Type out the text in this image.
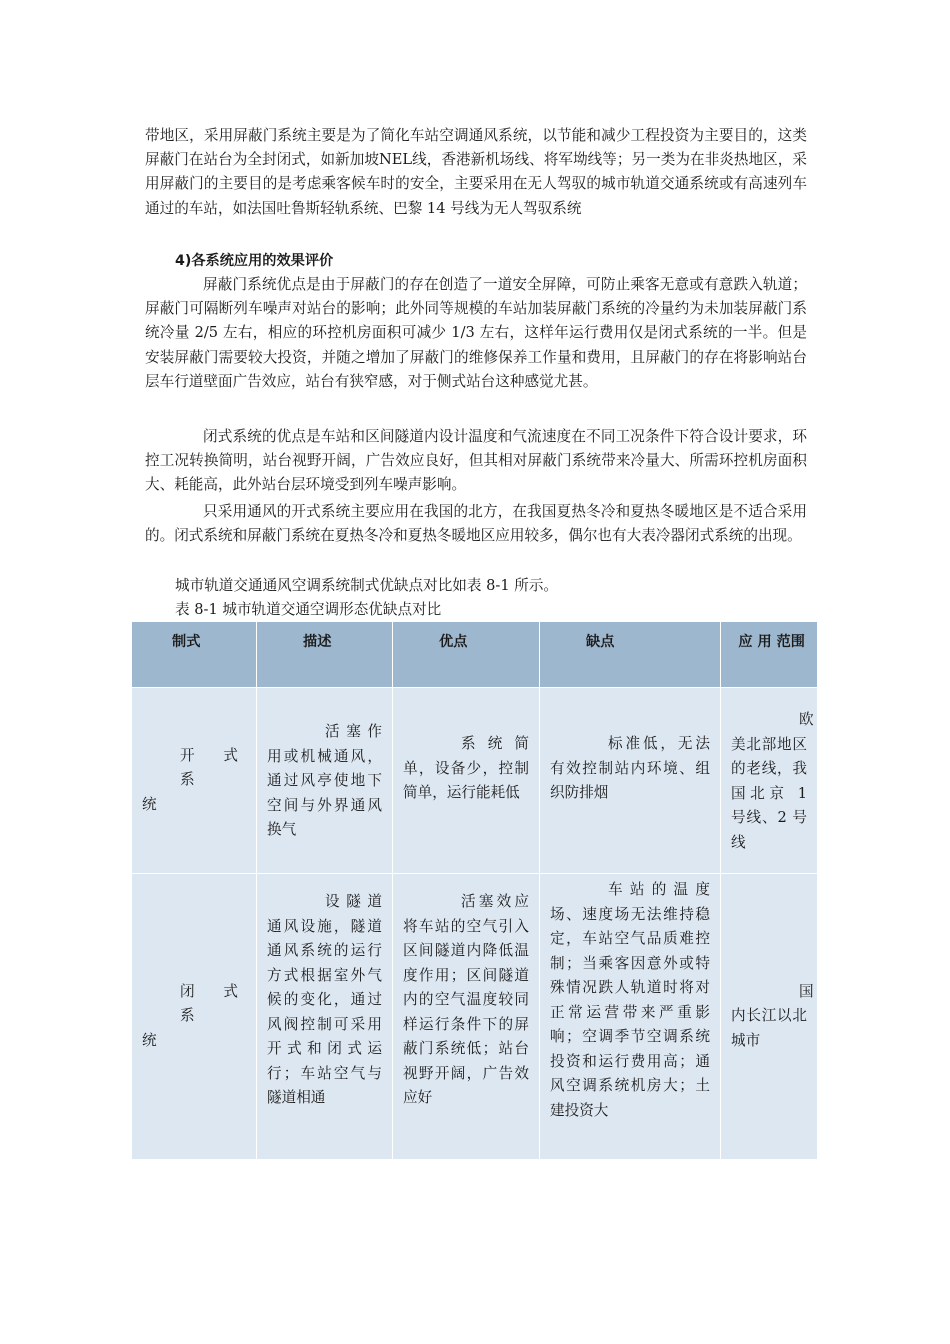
带地区，采用屏蔽门系统主要是为了简化车站空调通风系统，以节能和减少工程投资为主要目的，这类屏蔽门在站台为全封闭式，如新加坡NEL线，香港新机场线、将军坳线等；另一类为在非炎热地区，采用屏蔽门的主要目的是考虑乘客候车时的安全，主要采用在无人驾驭的城市轨道交通系统或有高速列车通过的车站，如法国吐鲁斯轻轨系统、巴黎 14 号线为无人驾驭系统

4)各系统应用的效果评价

屏蔽门系统优点是由于屏蔽门的存在创造了一道安全屏障，可防止乘客无意或有意跌入轨道；屏蔽门可隔断列车噪声对站台的影响；此外同等规模的车站加装屏蔽门系统的冷量约为未加装屏蔽门系统冷量 2/5 左右，相应的环控机房面积可减少 1/3 左右，这样年运行费用仅是闭式系统的一半。但是安装屏蔽门需要较大投资，并随之增加了屏蔽门的维修保养工作量和费用，且屏蔽门的存在将影响站台层车行道壁面广告效应，站台有狭窄感，对于侧式站台这种感觉尤甚。

闭式系统的优点是车站和区间隧道内设计温度和气流速度在不同工况条件下符合设计要求，环控工况转换简明，站台视野开阔，广告效应良好，但其相对屏蔽门系统带来冷量大、所需环控机房面积大、耗能高，此外站台层环境受到列车噪声影响。

只采用通风的开式系统主要应用在我国的北方，在我国夏热冬冷和夏热冬暖地区是不适合采用的。闭式系统和屏蔽门系统在夏热冬冷和夏热冬暖地区应用较多，偶尔也有大表冷器闭式系统的出现。

城市轨道交通通风空调系统制式优缺点对比如表 8-1 所示。

表 8-1 城市轨道交通空调形态优缺点对比

制式	描述	优点	缺点	应 用 范围

开 式 系
统	活塞作用或机械通风，通过风亭使地下空间与外界通风换气	系统简单，设备少，控制简单，运行能耗低	标准低，无法有效控制站内环境、组织防排烟	欧美北部地区的老线，我国北京 1 号线、2 号线

闭 式 系
统	设隧道通风设施，隧道通风系统的运行方式根据室外气候的变化，通过风阀控制可采用开式和闭式运行；车站空气与隧道相通	活塞效应将车站的空气引入区间隧道内降低温度作用；区间隧道内的空气温度较同样运行条件下的屏蔽门系统低；站台视野开阔，广告效应好	车站的温度场、速度场无法维持稳定，车站空气品质难控制；当乘客因意外或特殊情况跌人轨道时将对正常运营带来严重影响；空调季节空调系统投资和运行费用高；通风空调系统机房大；土建投资大	国内长江以北城市
